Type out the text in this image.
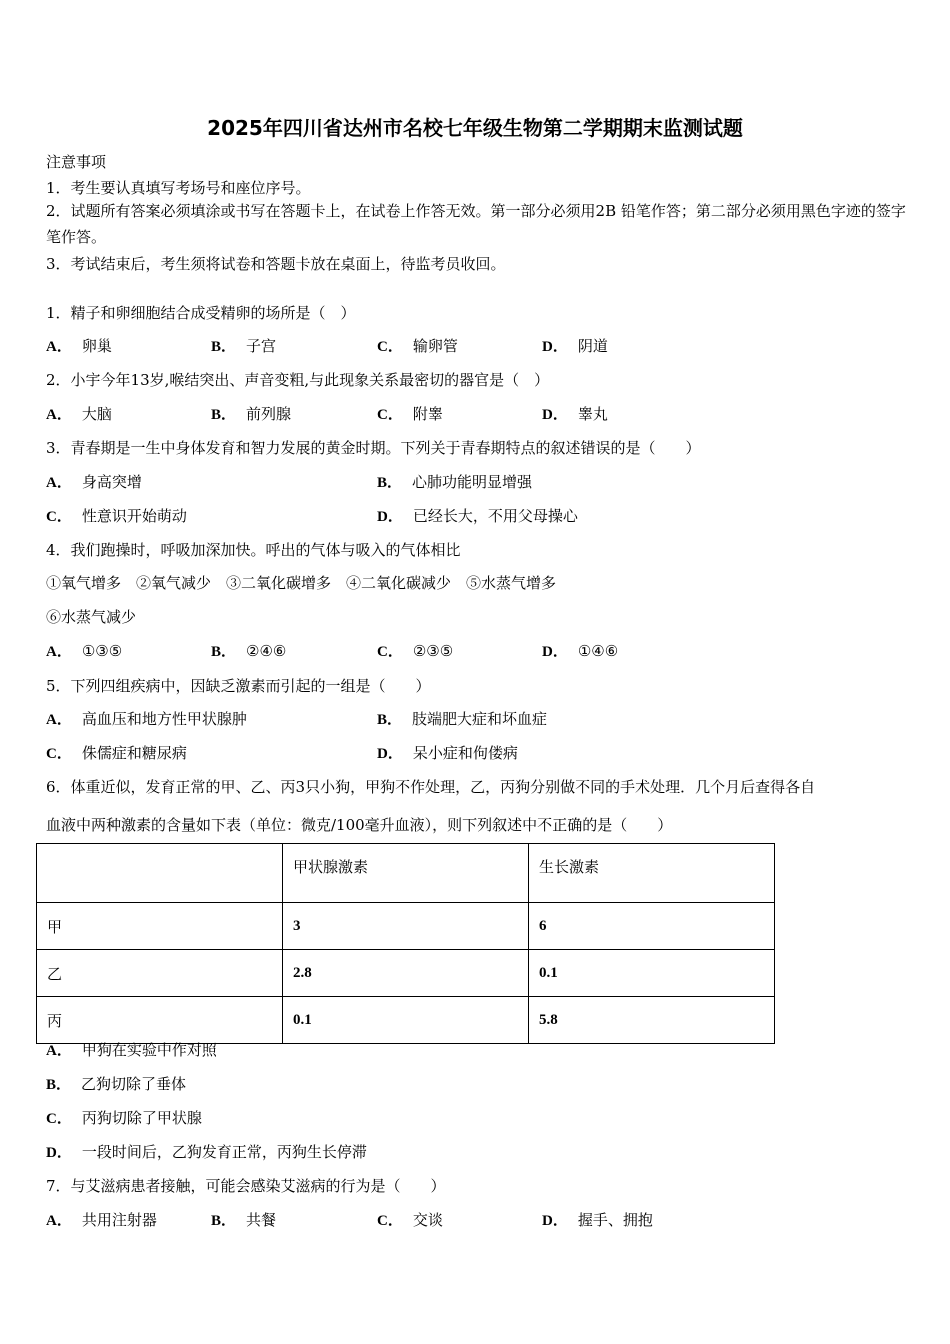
2025年四川省达州市名校七年级生物第二学期期末监测试题
注意事项
1．考生要认真填写考场号和座位序号。
2．试题所有答案必须填涂或书写在答题卡上，在试卷上作答无效。第一部分必须用2B 铅笔作答；第二部分必须用黑色字迹的签字笔作答。
3．考试结束后，考生须将试卷和答题卡放在桌面上，待监考员收回。
1．精子和卵细胞结合成受精卵的场所是（　）
A． 卵巢	B． 子宫	C． 输卵管	D． 阴道
2．小宇今年13岁,喉结突出、声音变粗,与此现象关系最密切的器官是（　）
A． 大脑	B． 前列腺	C． 附睾	D． 睾丸
3．青春期是一生中身体发育和智力发展的黄金时期。下列关于青春期特点的叙述错误的是（　　）
A． 身高突增	B． 心肺功能明显增强
C． 性意识开始萌动	D． 已经长大，不用父母操心
4．我们跑操时，呼吸加深加快。呼出的气体与吸入的气体相比
①氧气增多　②氧气减少　③二氧化碳增多　④二氧化碳减少　⑤水蒸气增多
⑥水蒸气减少
A． ①③⑤	B． ②④⑥	C． ②③⑤	D． ①④⑥
5．下列四组疾病中，因缺乏激素而引起的一组是（　　）
A． 高血压和地方性甲状腺肿	B． 肢端肥大症和坏血症
C． 侏儒症和糖尿病	D． 呆小症和佝偻病
6．体重近似，发育正常的甲、乙、丙3只小狗，甲狗不作处理，乙，丙狗分别做不同的手术处理．几个月后查得各自
血液中两种激素的含量如下表（单位：微克/100毫升血液），则下列叙述中不正确的是（　　）
	甲状腺激素	生长激素
甲	3	6
乙	2.8	0.1
丙	0.1	5.8
A． 甲狗在实验中作对照
B． 乙狗切除了垂体
C． 丙狗切除了甲状腺
D． 一段时间后，乙狗发育正常，丙狗生长停滞
7．与艾滋病患者接触，可能会感染艾滋病的行为是（　　）
A． 共用注射器	B． 共餐	C． 交谈	D． 握手、拥抱
